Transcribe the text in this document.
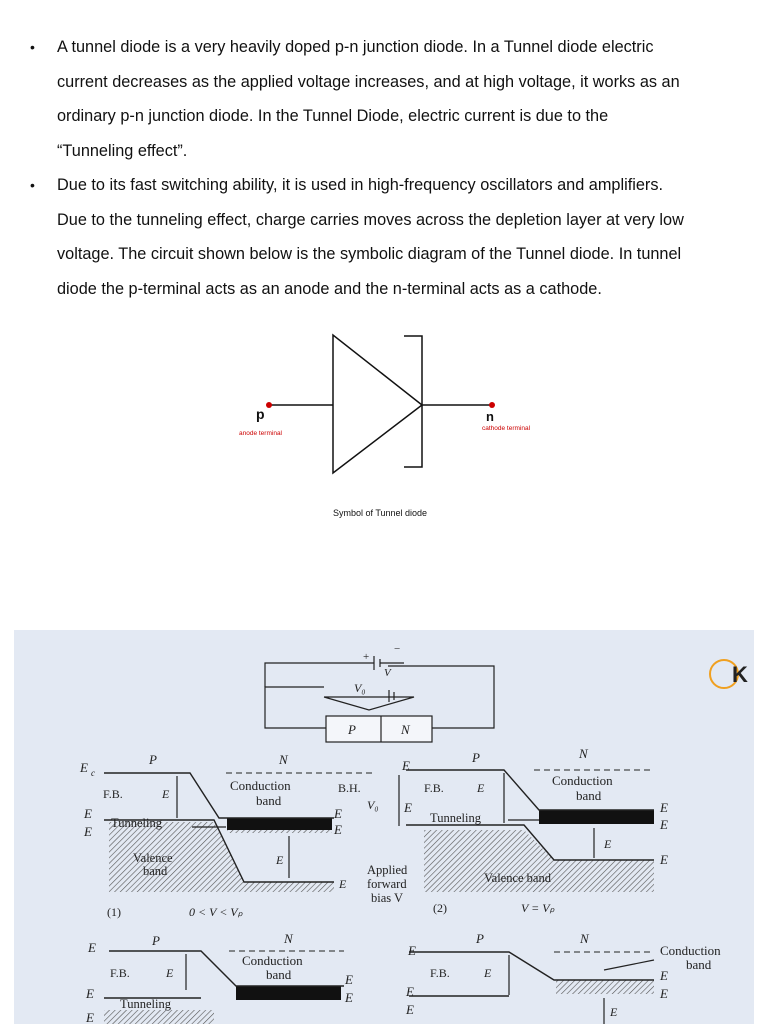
• A tunnel diode is a very heavily doped p-n junction diode. In a Tunnel diode electric
current decreases as the applied voltage increases, and at high voltage, it works as an
ordinary p-n junction diode. In the Tunnel Diode, electric current is due to the
“Tunneling effect”.
• Due to its fast switching ability, it is used in high-frequency oscillators and amplifiers.
Due to the tunneling effect, charge carries moves across the depletion layer at very low
voltage. The circuit shown below is the symbolic diagram of the Tunnel diode. In tunnel
diode the p-terminal acts as an anode and the n-terminal acts as a cathode.
p
anode terminal
n
cathode terminal
Symbol of Tunnel diode
+
−
V
V₀
P	N
K
E c
P	N
F.B.	E
Conduction
band
E
E
Tunneling
Valence
band
E
(1)	0 < V < Vₚ
B.H.
V₀
E
E
Applied
forward
bias V
E
E
P	N
F.B.	E	Conduction
band
E
Tunneling
Valence band
E
E
E
E
(2)	V = Vₚ
E	P	N
F.B.	E
Conduction
band
E
Tunneling
E
E
E
E
P	N
F.B.	E
Conduction
band
E
E
E
E
E
